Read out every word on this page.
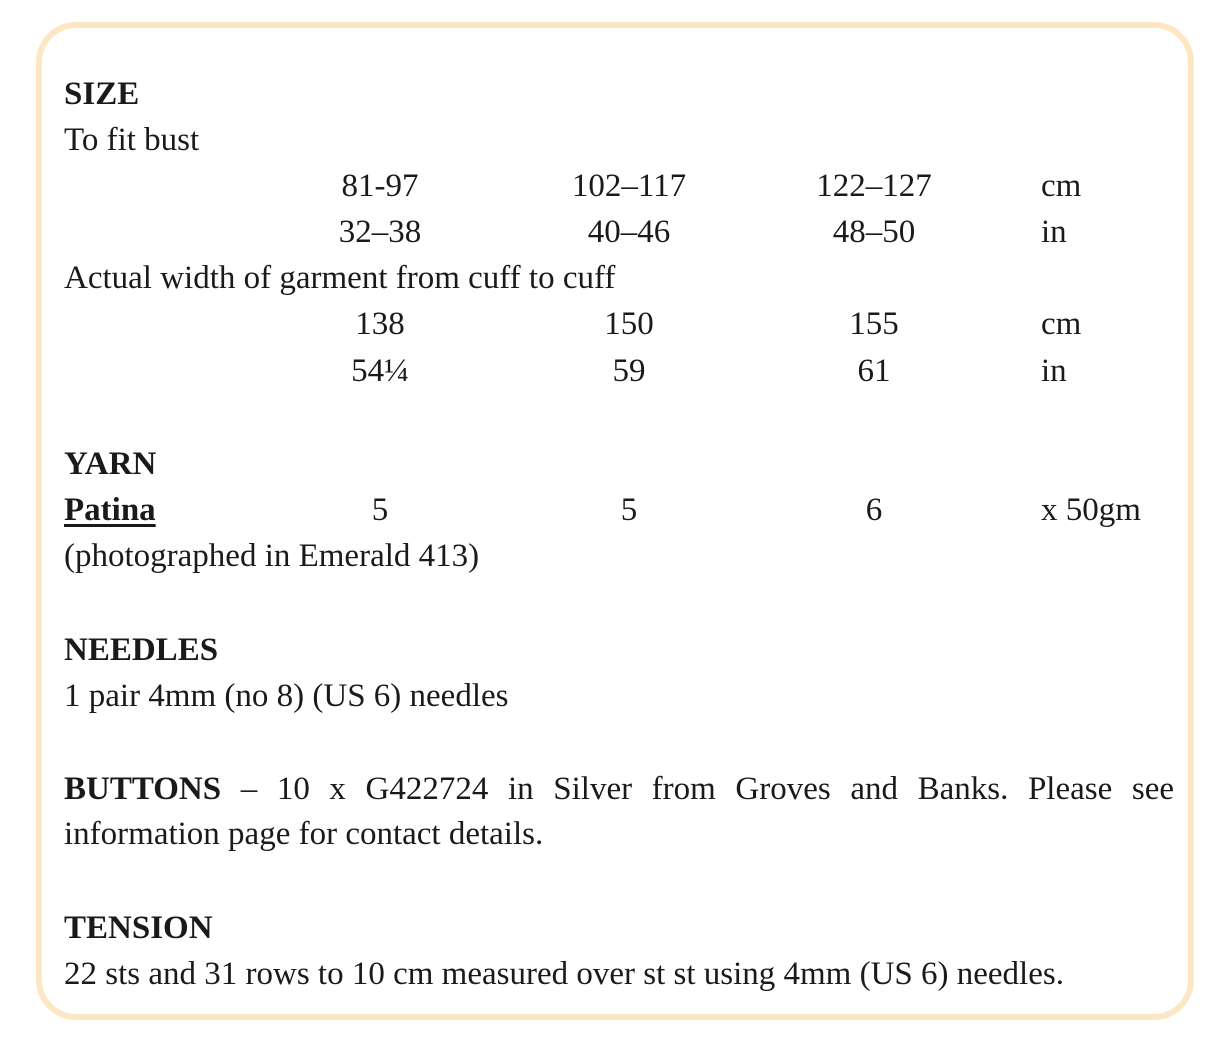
SIZE
To fit bust
81-97	102–117	122–127	cm
32–38	40–46	48–50	in
Actual width of garment from cuff to cuff
138	150	155	cm
54¼	59	61	in
YARN
Patina	5	5	6	x 50gm
(photographed in Emerald 413)
NEEDLES
1 pair 4mm (no 8) (US 6) needles
BUTTONS – 10 x G422724 in Silver from Groves and Banks. Please see information page for contact details.
TENSION
22 sts and 31 rows to 10 cm measured over st st using 4mm (US 6) needles.
